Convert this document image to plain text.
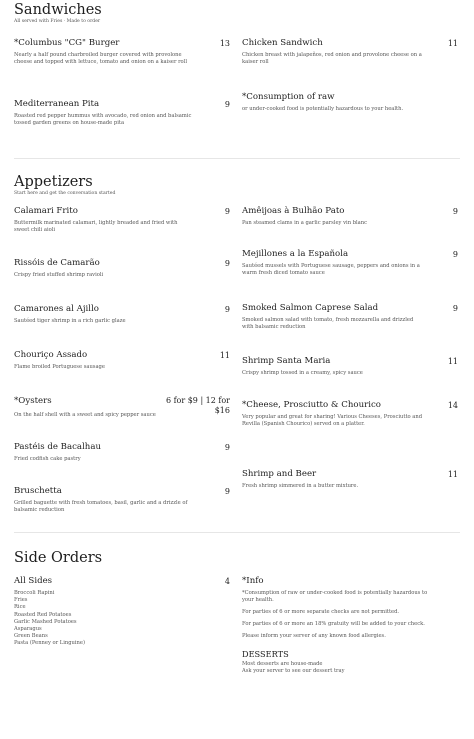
Sandwiches
All served with Fries · Made to order
*Columbus "CG" Burger	13
Nearly a half pound charbroiled burger covered with provolone cheese and topped with lettuce, tomato and onion on a kaiser roll
Mediterranean Pita	9
Roasted red pepper hummus with avocado, red onion and balsamic tossed garden greens on house-made pita
Chicken Sandwich	11
Chicken breast with jalapeños, red onion and provolone cheese on a kaiser roll
*Consumption of raw
or under-cooked food is potentially hazardous to your health.
Appetizers
Start here and get the conversation started
Calamari Frito	9
Buttermilk marinated calamari, lightly breaded and fried with sweet chili aioli
Rissóis de Camarão	9
Crispy fried stuffed shrimp ravioli
Camarones al Ajillo	9
Sautéed tiger shrimp in a rich garlic glaze
Chouriço Assado	11
Flame broiled Portuguese sausage
*Oysters	6 for $9 | 12 for
$16
On the half shell with a sweet and spicy pepper sauce
Pastéis de Bacalhau	9
Fried codfish cake pastry
Bruschetta	9
Grilled baguette with fresh tomatoes, basil, garlic and a drizzle of balsamic reduction
Amêijoas à Bulhão Pato	9
Pan steamed clams in a garlic parsley vin blanc
Mejillones a la Española	9
Sautéed mussels with Portuguese sausage, peppers and onions in a warm fresh diced tomato sauce
Smoked Salmon Caprese Salad	9
Smoked salmon salad with tomato, fresh mozzarella and drizzled with balsamic reduction
Shrimp Santa Maria	11
Crispy shrimp tossed in a creamy, spicy sauce
*Cheese, Prosciutto & Chourico	14
Very popular and great for sharing! Various Cheeses, Prosciutto and Revilla (Spanish Chourico) served on a platter.
Shrimp and Beer	11
Fresh shrimp simmered in a butter mixture.
Side Orders
All Sides	4
Broccoli Rapini
Fries
Rice
Roasted Red Potatoes
Garlic Mashed Potatoes
Asparagus
Green Beans
Pasta (Penney or Linguine)
*Info
*Consumption of raw or under-cooked food is potentially hazardous to your health.
For parties of 6 or more separate checks are not permitted.
For parties of 6 or more an 18% gratuity will be added to your check.
Please inform your server of any known food allergies.
DESSERTS
Most desserts are house-made
Ask your server to see our dessert tray
